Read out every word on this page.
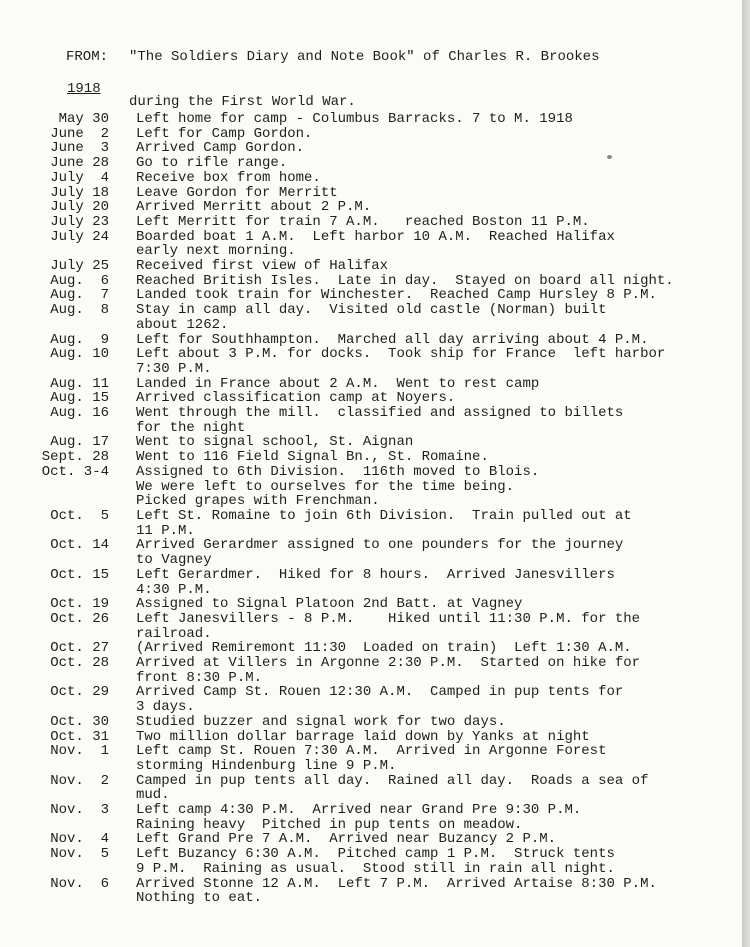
FROM:	"The Soldiers Diary and Note Book" of Charles R. Brookes

during the First World War.

1918
May 30	Left home for camp - Columbus Barracks. 7 to M. 1918
June  2	Left for Camp Gordon.
June  3	Arrived Camp Gordon.
June 28	Go to rifle range.
July  4	Receive box from home.
July 18	Leave Gordon for Merritt
July 20	Arrived Merritt about 2 P.M.
July 23	Left Merritt for train 7 A.M.   reached Boston 11 P.M.
July 24	Boarded boat 1 A.M.  Left harbor 10 A.M.  Reached Halifax
early next morning.
July 25	Received first view of Halifax
Aug.  6	Reached British Isles.  Late in day.  Stayed on board all night.
Aug.  7	Landed took train for Winchester.  Reached Camp Hursley 8 P.M.
Aug.  8	Stay in camp all day.  Visited old castle (Norman) built
about 1262.
Aug.  9	Left for Southhampton.  Marched all day arriving about 4 P.M.
Aug. 10	Left about 3 P.M. for docks.  Took ship for France  left harbor
7:30 P.M.
Aug. 11	Landed in France about 2 A.M.  Went to rest camp
Aug. 15	Arrived classification camp at Noyers.
Aug. 16	Went through the mill.  classified and assigned to billets
for the night
Aug. 17	Went to signal school, St. Aignan
Sept. 28	Went to 116 Field Signal Bn., St. Romaine.
Oct. 3-4	Assigned to 6th Division.  116th moved to Blois.
We were left to ourselves for the time being.
Picked grapes with Frenchman.
Oct.  5	Left St. Romaine to join 6th Division.  Train pulled out at
11 P.M.
Oct. 14	Arrived Gerardmer assigned to one pounders for the journey
to Vagney
Oct. 15	Left Gerardmer.  Hiked for 8 hours.  Arrived Janesvillers
4:30 P.M.
Oct. 19	Assigned to Signal Platoon 2nd Batt. at Vagney
Oct. 26	Left Janesvillers - 8 P.M.    Hiked until 11:30 P.M. for the
railroad.
Oct. 27	(Arrived Remiremont 11:30  Loaded on train)  Left 1:30 A.M.
Oct. 28	Arrived at Villers in Argonne 2:30 P.M.  Started on hike for
front 8:30 P.M.
Oct. 29	Arrived Camp St. Rouen 12:30 A.M.  Camped in pup tents for
3 days.
Oct. 30	Studied buzzer and signal work for two days.
Oct. 31	Two million dollar barrage laid down by Yanks at night
Nov.  1	Left camp St. Rouen 7:30 A.M.  Arrived in Argonne Forest
storming Hindenburg line 9 P.M.
Nov.  2	Camped in pup tents all day.  Rained all day.  Roads a sea of
mud.
Nov.  3	Left camp 4:30 P.M.  Arrived near Grand Pre 9:30 P.M.
Raining heavy  Pitched in pup tents on meadow.
Nov.  4	Left Grand Pre 7 A.M.  Arrived near Buzancy 2 P.M.
Nov.  5	Left Buzancy 6:30 A.M.  Pitched camp 1 P.M.  Struck tents
9 P.M.  Raining as usual.  Stood still in rain all night.
Nov.  6	Arrived Stonne 12 A.M.  Left 7 P.M.  Arrived Artaise 8:30 P.M.
Nothing to eat.
